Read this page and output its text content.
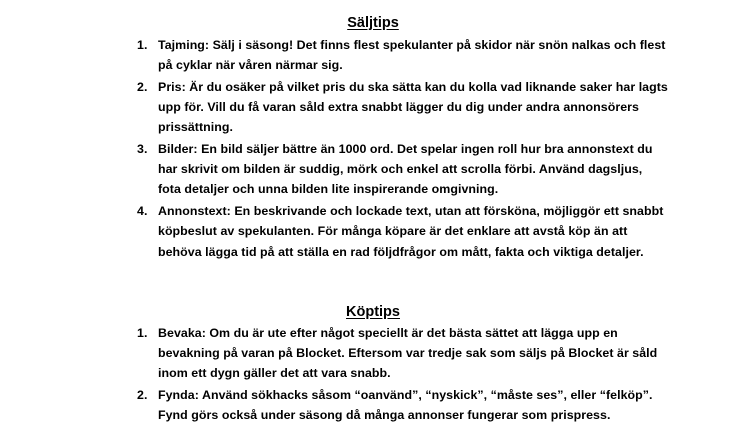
Säljtips
1. Tajming: Sälj i säsong! Det finns flest spekulanter på skidor när snön nalkas och flest på cyklar när våren närmar sig.
2. Pris: Är du osäker på vilket pris du ska sätta kan du kolla vad liknande saker har lagts upp för. Vill du få varan såld extra snabbt lägger du dig under andra annonsörers prissättning.
3. Bilder: En bild säljer bättre än 1000 ord. Det spelar ingen roll hur bra annonstext du har skrivit om bilden är suddig, mörk och enkel att scrolla förbi. Använd dagsljus, fota detaljer och unna bilden lite inspirerande omgivning.
4. Annonstext: En beskrivande och lockade text, utan att försköna, möjliggör ett snabbt köpbeslut av spekulanten. För många köpare är det enklare att avstå köp än att behöva lägga tid på att ställa en rad följdfrågor om mått, fakta och viktiga detaljer.
Köptips
1. Bevaka: Om du är ute efter något speciellt är det bästa sättet att lägga upp en bevakning på varan på Blocket. Eftersom var tredje sak som säljs på Blocket är såld inom ett dygn gäller det att vara snabb.
2. Fynda: Använd sökhacks såsom “oanvänd”, “nyskick”, “måste ses”, eller “felköp”. Fynd görs också under säsong då många annonser fungerar som prispress.
